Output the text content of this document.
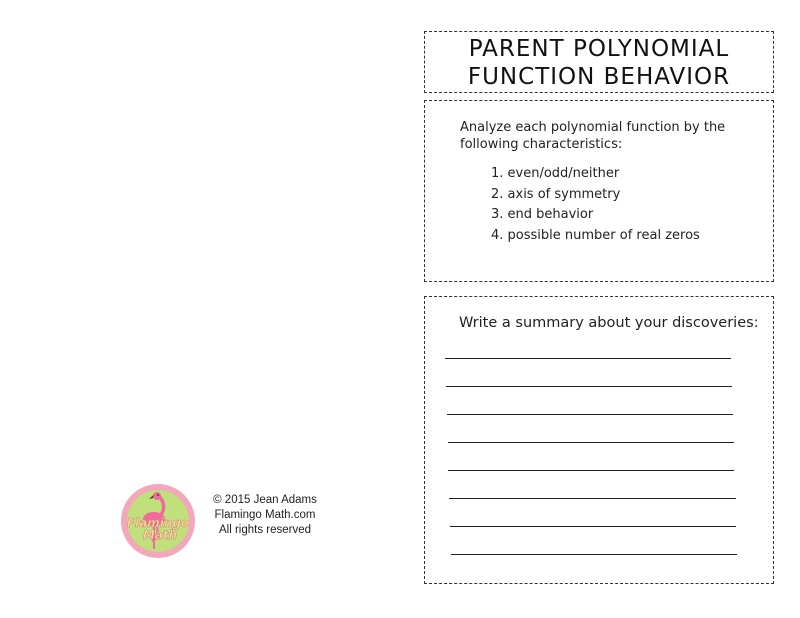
PARENT POLYNOMIAL
FUNCTION BEHAVIOR
Analyze each polynomial function by the following characteristics:
1. even/odd/neither
2. axis of symmetry
3. end behavior
4. possible number of real zeros
Write a summary about your discoveries:
Flamingo
Math
© 2015 Jean Adams
Flamingo Math.com
All rights reserved
